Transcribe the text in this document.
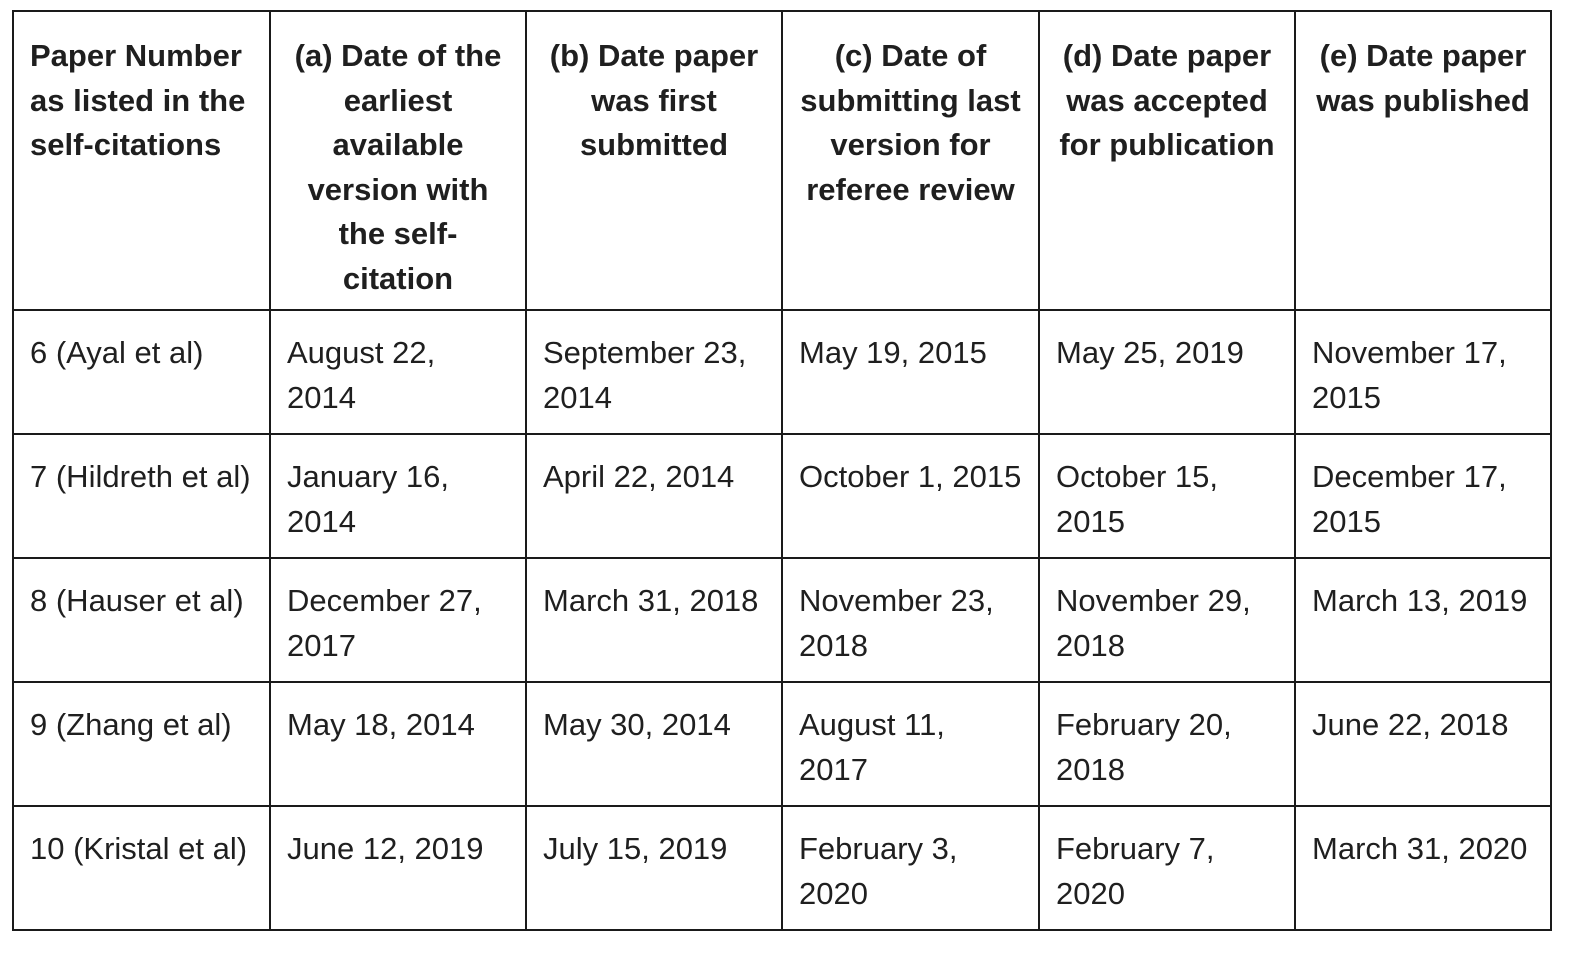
Paper Number as listed in the self-citations	(a) Date of the earliest available version with the self-citation	(b) Date paper was first submitted	(c) Date of submitting last version for referee review	(d) Date paper was accepted for publication	(e) Date paper was published
6 (Ayal et al)	August 22, 2014	September 23, 2014	May 19, 2015	May 25, 2019	November 17, 2015
7 (Hildreth et al)	January 16, 2014	April 22, 2014	October 1, 2015	October 15, 2015	December 17, 2015
8 (Hauser et al)	December 27, 2017	March 31, 2018	November 23, 2018	November 29, 2018	March 13, 2019
9 (Zhang et al)	May 18, 2014	May 30, 2014	August 11, 2017	February 20, 2018	June 22, 2018
10 (Kristal et al)	June 12, 2019	July 15, 2019	February 3, 2020	February 7, 2020	March 31, 2020
